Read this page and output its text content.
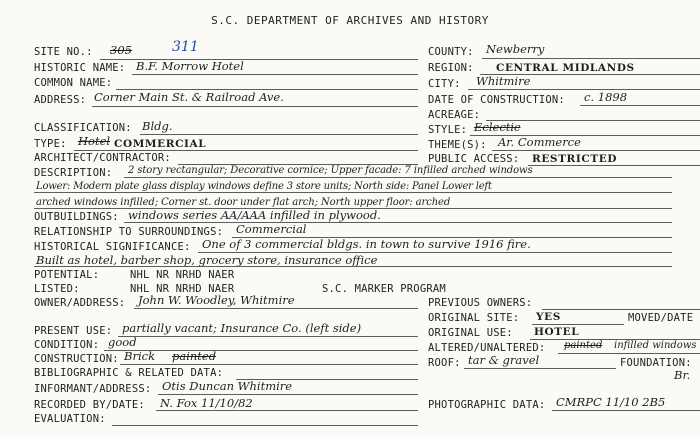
S.C. DEPARTMENT OF ARCHIVES AND HISTORY
SITE NO.: 305	311
HISTORIC NAME: B.F. Morrow Hotel
COMMON NAME:
ADDRESS: Corner Main St. & Railroad Ave.
CLASSIFICATION: Bldg.
TYPE: Hotel COMMERCIAL
ARCHITECT/CONTRACTOR:
DESCRIPTION: 2 story rectangular; Decorative cornice; Upper facade: 7 infilled arched windows
Lower: Modern plate glass display windows define 3 store units; North side: Panel Lower left
arched windows infilled; Corner st. door under flat arch; North upper floor: arched
OUTBUILDINGS: windows series AA/AAA infilled in plywood.
RELATIONSHIP TO SURROUNDINGS: Commercial
HISTORICAL SIGNIFICANCE: One of 3 commercial bldgs. in town to survive 1916 fire.
Built as hotel, barber shop, grocery store, insurance office
POTENTIAL:	NHL NR NRHD NAER
LISTED:	NHL NR NRHD NAER	S.C. MARKER PROGRAM
OWNER/ADDRESS: John W. Woodley, Whitmire
PRESENT USE: partially vacant; Insurance Co. (left side)
CONDITION: good
CONSTRUCTION: Brick painted
BIBLIOGRAPHIC & RELATED DATA:
INFORMANT/ADDRESS: Otis Duncan Whitmire
RECORDED BY/DATE: N. Fox 11/10/82
EVALUATION:
COUNTY: Newberry
REGION: CENTRAL MIDLANDS
CITY: Whitmire
DATE OF CONSTRUCTION: c. 1898
ACREAGE:
STYLE: Eclectic
THEME(S): Ar. Commerce
PUBLIC ACCESS: RESTRICTED
PREVIOUS OWNERS:
ORIGINAL SITE: YES	MOVED/DATE
ORIGINAL USE: HOTEL
ALTERED/UNALTERED: painted infilled windows
ROOF: tar & gravel	FOUNDATION:
Br.
PHOTOGRAPHIC DATA: CMRPC 11/10 2B5
